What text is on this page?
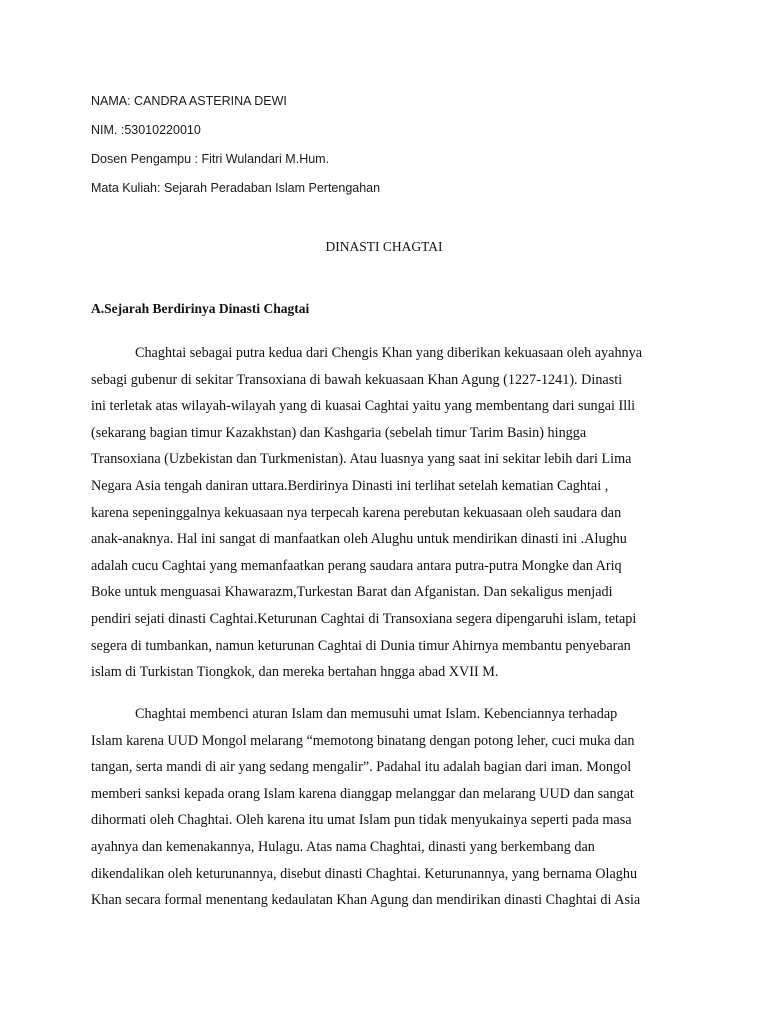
NAMA: CANDRA ASTERINA DEWI
NIM. :53010220010
Dosen Pengampu : Fitri Wulandari M.Hum.
Mata Kuliah: Sejarah Peradaban Islam Pertengahan
DINASTI CHAGTAI
A.Sejarah Berdirinya Dinasti Chagtai
Chaghtai sebagai putra kedua dari Chengis Khan yang diberikan kekuasaan oleh ayahnya
sebagi gubenur di sekitar Transoxiana di bawah kekuasaan Khan Agung (1227-1241). Dinasti
ini terletak atas wilayah-wilayah yang di kuasai Caghtai yaitu yang membentang dari sungai Illi
(sekarang bagian timur Kazakhstan) dan Kashgaria (sebelah timur Tarim Basin) hingga
Transoxiana (Uzbekistan dan Turkmenistan). Atau luasnya yang saat ini sekitar lebih dari Lima
Negara Asia tengah daniran uttara.Berdirinya Dinasti ini terlihat setelah kematian Caghtai ,
karena sepeninggalnya kekuasaan nya terpecah karena perebutan kekuasaan oleh saudara dan
anak-anaknya. Hal ini sangat di manfaatkan oleh Alughu untuk mendirikan dinasti ini .Alughu
adalah cucu Caghtai yang memanfaatkan perang saudara antara putra-putra Mongke dan Ariq
Boke untuk menguasai Khawarazm,Turkestan Barat dan Afganistan. Dan sekaligus menjadi
pendiri sejati dinasti Caghtai.Keturunan Caghtai di Transoxiana segera dipengaruhi islam, tetapi
segera di tumbankan, namun keturunan Caghtai di Dunia timur Ahirnya membantu penyebaran
islam di Turkistan Tiongkok, dan mereka bertahan hngga abad XVII M.
Chaghtai membenci aturan Islam dan memusuhi umat Islam. Kebenciannya terhadap
Islam karena UUD Mongol melarang “memotong binatang dengan potong leher, cuci muka dan
tangan, serta mandi di air yang sedang mengalir”. Padahal itu adalah bagian dari iman. Mongol
memberi sanksi kepada orang Islam karena dianggap melanggar dan melarang UUD dan sangat
dihormati oleh Chaghtai. Oleh karena itu umat Islam pun tidak menyukainya seperti pada masa
ayahnya dan kemenakannya, Hulagu. Atas nama Chaghtai, dinasti yang berkembang dan
dikendalikan oleh keturunannya, disebut dinasti Chaghtai. Keturunannya, yang bernama Olaghu
Khan secara formal menentang kedaulatan Khan Agung dan mendirikan dinasti Chaghtai di Asia
